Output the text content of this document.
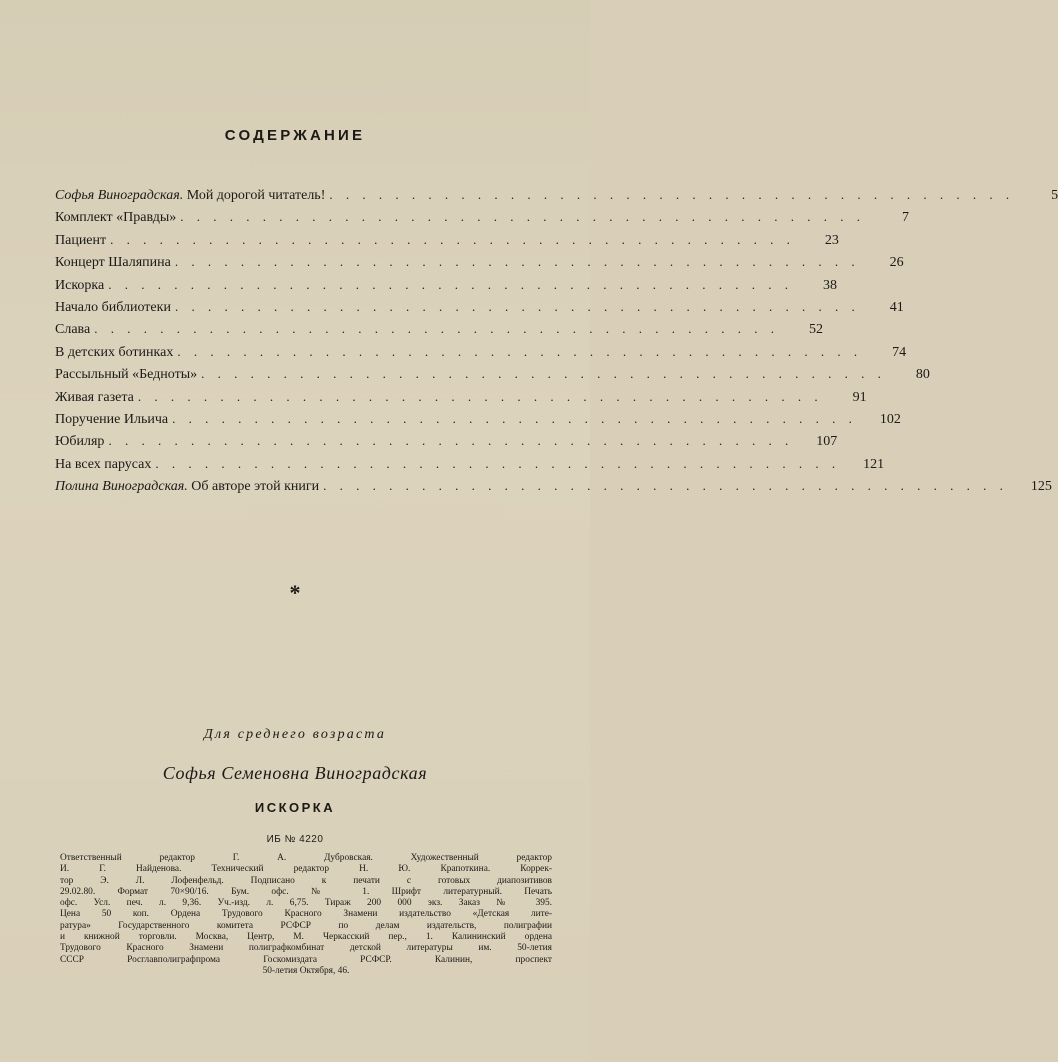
СОДЕРЖАНИЕ
Софья Виноградская. Мой дорогой читатель! . . . . . . . . . . . . . . . . . . . . . . . . . . . . . . . . . . . . . . . . . .	5
Комплект «Правды» . . . . . . . . . . . . . . . . . . . . . . . . . . . . . . . . . . . . . . . . . .	7
Пациент . . . . . . . . . . . . . . . . . . . . . . . . . . . . . . . . . . . . . . . . . .	23
Концерт Шаляпина . . . . . . . . . . . . . . . . . . . . . . . . . . . . . . . . . . . . . . . . . .	26
Искорка . . . . . . . . . . . . . . . . . . . . . . . . . . . . . . . . . . . . . . . . . .	38
Начало библиотеки . . . . . . . . . . . . . . . . . . . . . . . . . . . . . . . . . . . . . . . . . .	41
Слава . . . . . . . . . . . . . . . . . . . . . . . . . . . . . . . . . . . . . . . . . .	52
В детских ботинках . . . . . . . . . . . . . . . . . . . . . . . . . . . . . . . . . . . . . . . . . .	74
Рассыльный «Бедноты» . . . . . . . . . . . . . . . . . . . . . . . . . . . . . . . . . . . . . . . . . .	80
Живая газета . . . . . . . . . . . . . . . . . . . . . . . . . . . . . . . . . . . . . . . . . .	91
Поручение Ильича . . . . . . . . . . . . . . . . . . . . . . . . . . . . . . . . . . . . . . . . . .	102
Юбиляр . . . . . . . . . . . . . . . . . . . . . . . . . . . . . . . . . . . . . . . . . .	107
На всех парусах . . . . . . . . . . . . . . . . . . . . . . . . . . . . . . . . . . . . . . . . . .	121
Полина Виноградская. Об авторе этой книги . . . . . . . . . . . . . . . . . . . . . . . . . . . . . . . . . . . . . . . . . .	125
*
Для среднего возраста
Софья Семеновна Виноградская
ИСКОРКА
ИБ № 4220
Ответственный редактор Г. А. Дубровская. Художественный редактор
И. Г. Найденова. Технический редактор Н. Ю. Крапоткина. Коррек-
тор Э. Л. Лофенфельд. Подписано к печати с готовых диапозитивов
29.02.80. Формат 70×90/16. Бум. офс. № 1. Шрифт литературный. Печать
офс. Усл. печ. л. 9,36. Уч.-изд. л. 6,75. Тираж 200 000 экз. Заказ № 395.
Цена 50 коп. Ордена Трудового Красного Знамени издательство «Детская лите-
ратура» Государственного комитета РСФСР по делам издательств, полиграфии
и книжной торговли. Москва, Центр, М. Черкасский пер., 1. Калининский ордена
Трудового Красного Знамени полиграфкомбинат детской литературы им. 50-летия
СССР Росглавполиграфпрома Госкомиздата РСФСР. Калинин, проспект
50-летия Октября, 46.
